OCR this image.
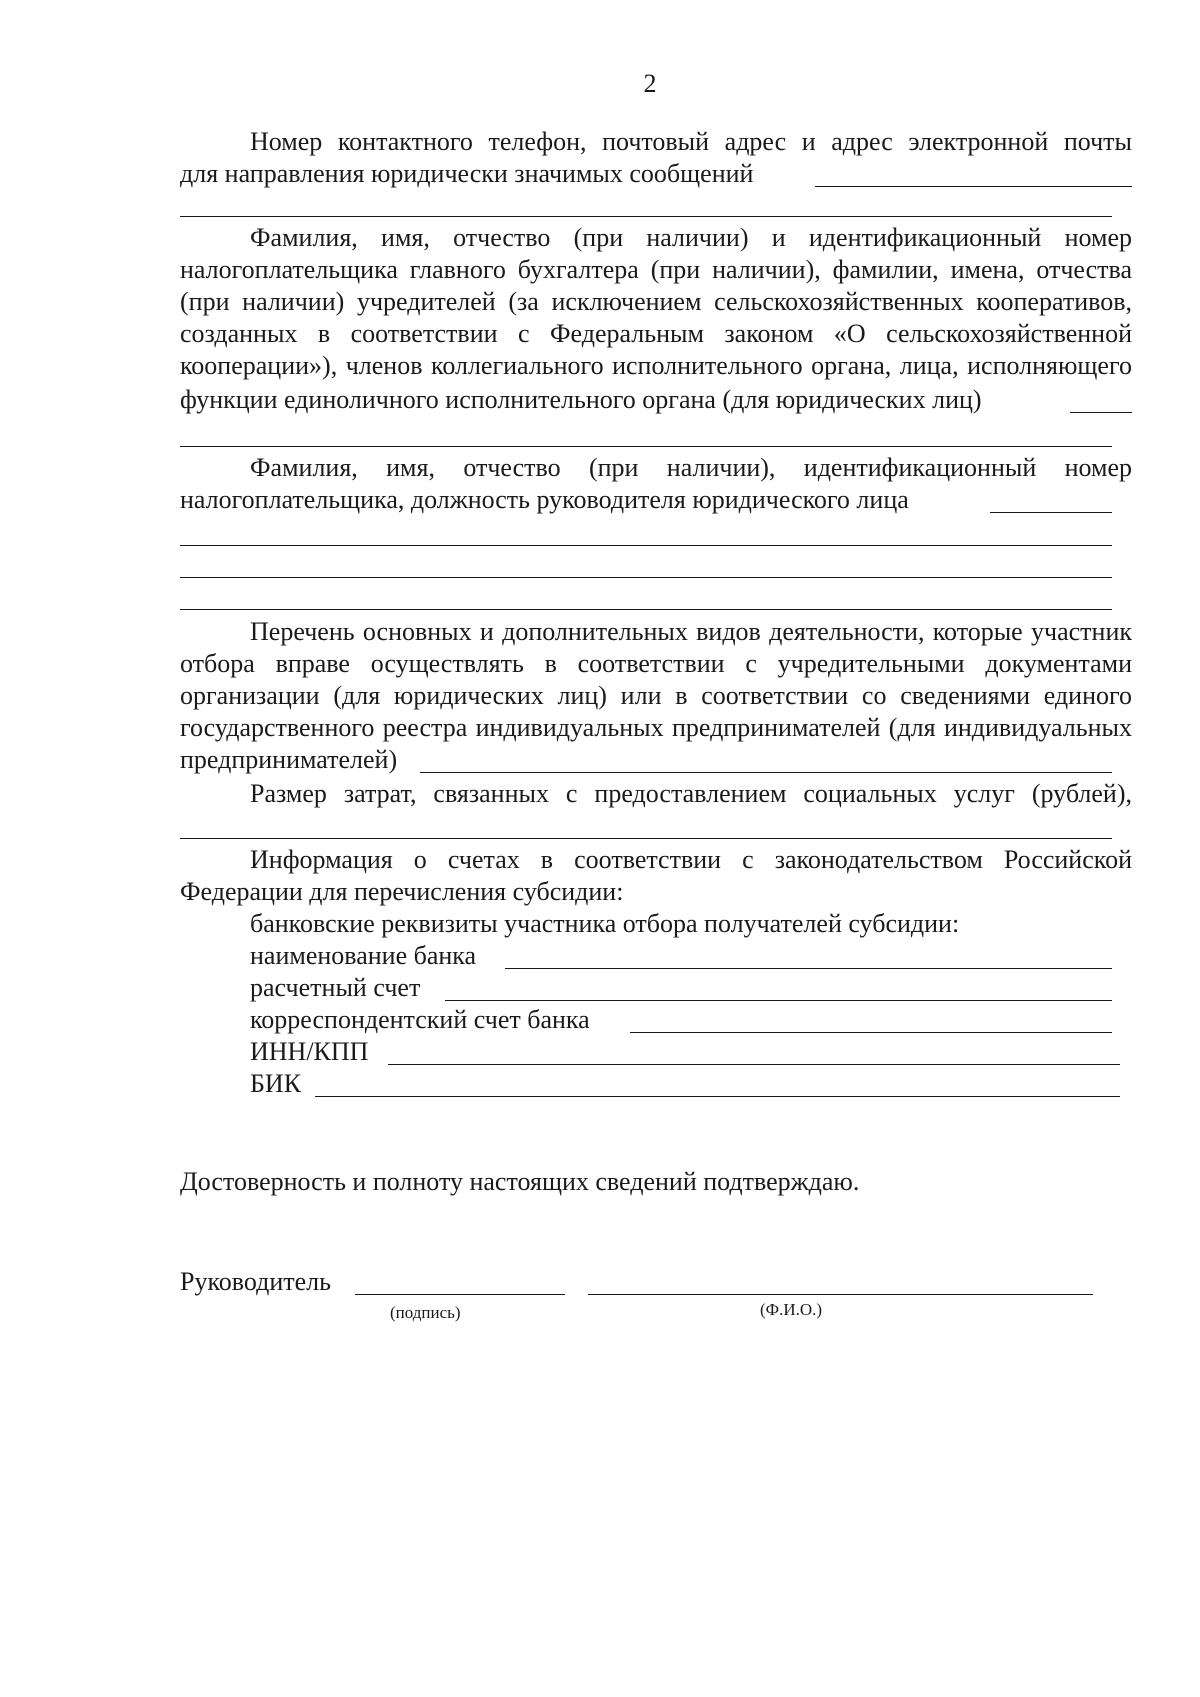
2
Номер контактного телефон, почтовый адрес и адрес электронной почты
для направления юридически значимых сообщений
Фамилия, имя, отчество (при наличии) и идентификационный номер
налогоплательщика главного бухгалтера (при наличии), фамилии, имена, отчества
(при наличии) учредителей (за исключением сельскохозяйственных кооперативов,
созданных в соответствии с Федеральным законом «О сельскохозяйственной
кооперации»), членов коллегиального исполнительного органа, лица, исполняющего
функции единоличного исполнительного органа (для юридических лиц)
Фамилия, имя, отчество (при наличии), идентификационный номер
налогоплательщика, должность руководителя юридического лица
Перечень основных и дополнительных видов деятельности, которые участник
отбора вправе осуществлять в соответствии с учредительными документами
организации (для юридических лиц) или в соответствии со сведениями единого
государственного реестра индивидуальных предпринимателей (для индивидуальных
предпринимателей)
Размер затрат, связанных с предоставлением социальных услуг (рублей),
Информация о счетах в соответствии с законодательством Российской
Федерации для перечисления субсидии:
банковские реквизиты участника отбора получателей субсидии:
наименование банка
расчетный счет
корреспондентский счет банка
ИНН/КПП
БИК
Достоверность и полноту настоящих сведений подтверждаю.
Руководитель
(подпись)	(Ф.И.О.)
